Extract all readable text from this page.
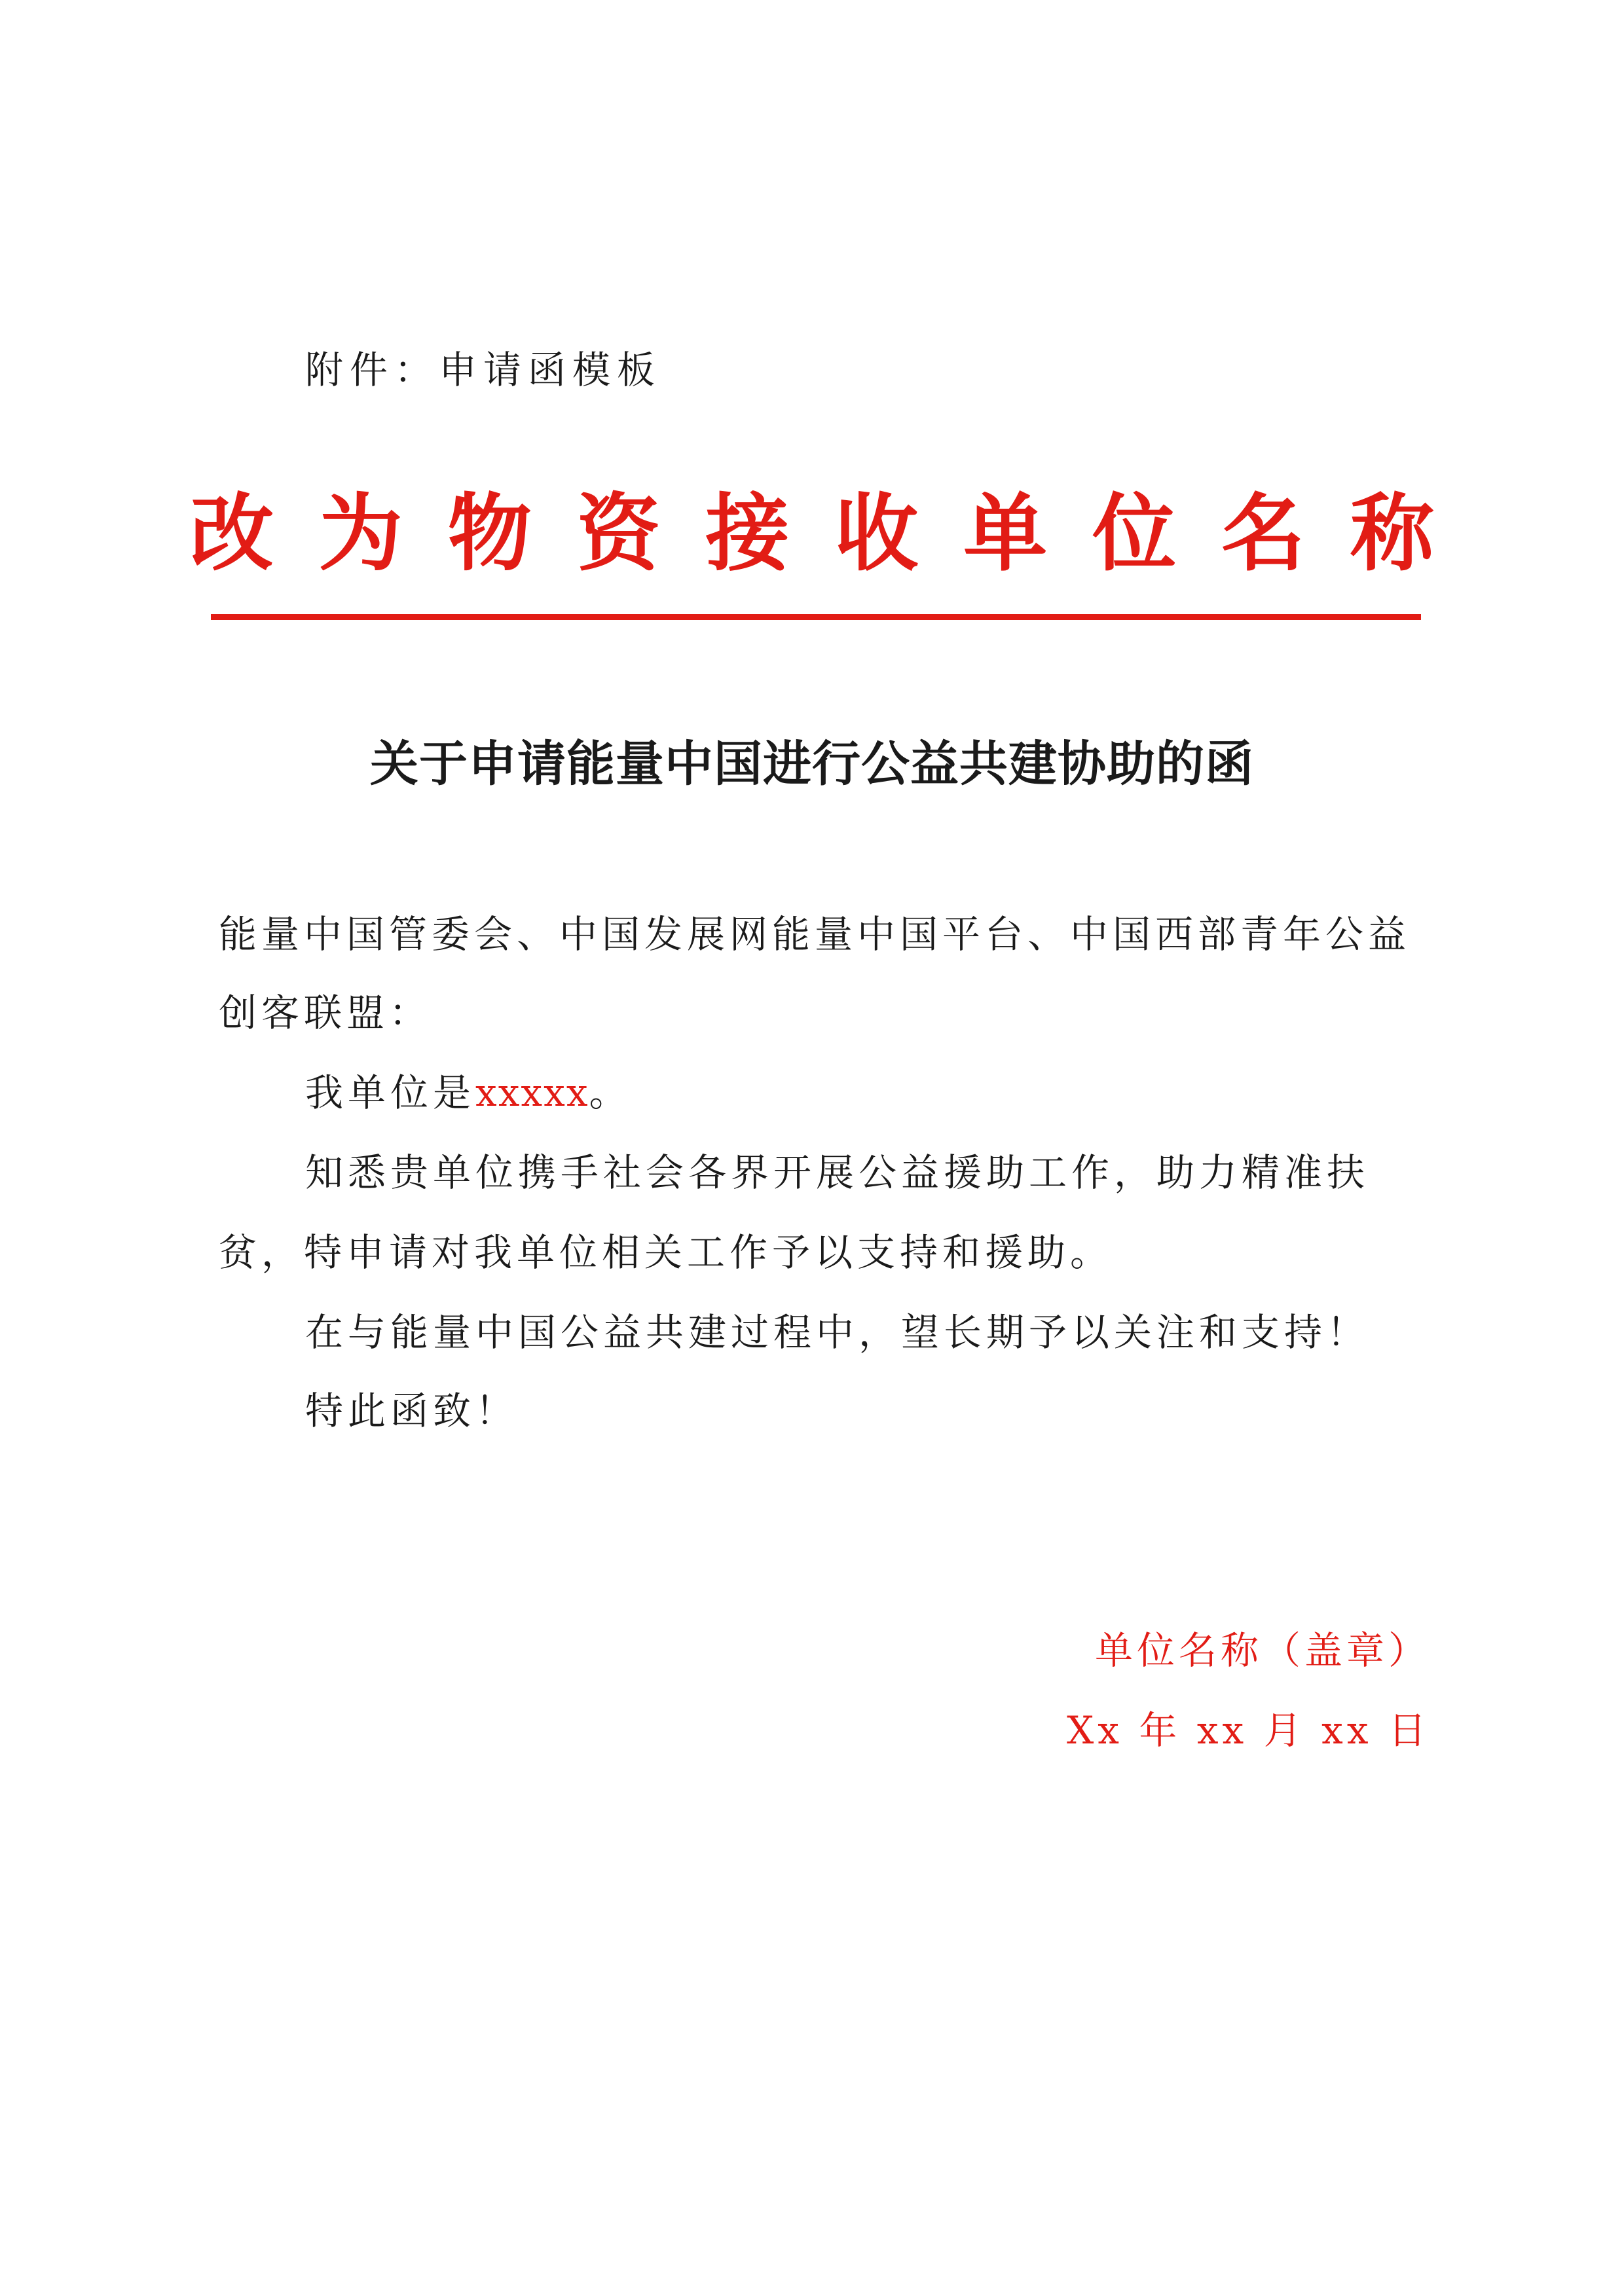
附件：申请函模板
改 为 物 资 接 收 单 位 名 称
关于申请能量中国进行公益共建协助的函
能量中国管委会、中国发展网能量中国平台、中国西部青年公益
创客联盟：
我单位是xxxxx。
知悉贵单位携手社会各界开展公益援助工作，助力精准扶
贫，特申请对我单位相关工作予以支持和援助。
在与能量中国公益共建过程中，望长期予以关注和支持！
特此函致！
单位名称（盖章）
Xx 年 xx 月 xx 日
